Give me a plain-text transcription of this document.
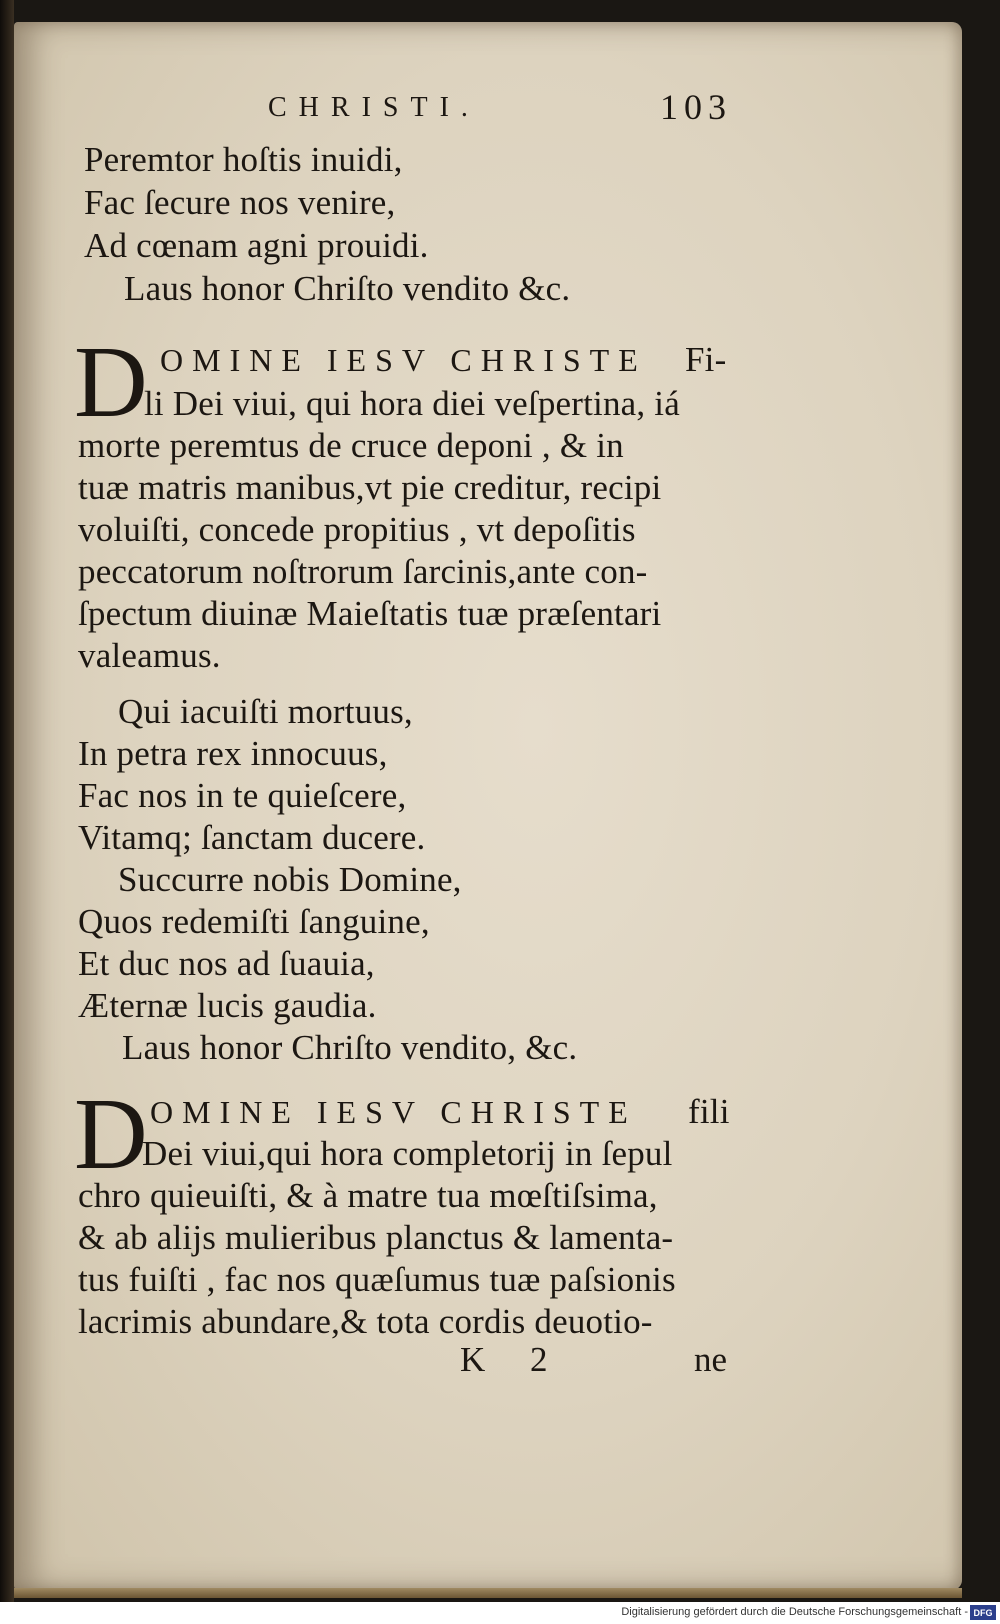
CHRISTI.	103
Peremtor hoſtis inuidi,
Fac ſecure nos venire,
Ad cœnam agni prouidi.
Laus honor Chriſto vendito &c.
D OMINE IESV CHRISTE Fi-
li Dei viui, qui hora diei veſpertina, iá
morte peremtus de cruce deponi , & in
tuæ matris manibus,vt pie creditur, recipi
voluiſti, concede propitius , vt depoſitis
peccatorum noſtrorum ſarcinis,ante con-
ſpectum diuinæ Maieſtatis tuæ præſentari
valeamus.
Qui iacuiſti mortuus,
In petra rex innocuus,
Fac nos in te quieſcere,
Vitamq; ſanctam ducere.
Succurre nobis Domine,
Quos redemiſti ſanguine,
Et duc nos ad ſuauia,
Æternæ lucis gaudia.
Laus honor Chriſto vendito, &c.
D OMINE IESV CHRISTE fili
Dei viui,qui hora completorij in ſepul
chro quieuiſti, & à matre tua mœſtiſsima,
& ab alijs mulieribus planctus & lamenta-
tus fuiſti , fac nos quæſumus tuæ paſsionis
lacrimis abundare,& tota cordis deuotio-
K 2	ne
Digitalisierung gefördert durch die Deutsche Forschungsgemeinschaft - DFG
